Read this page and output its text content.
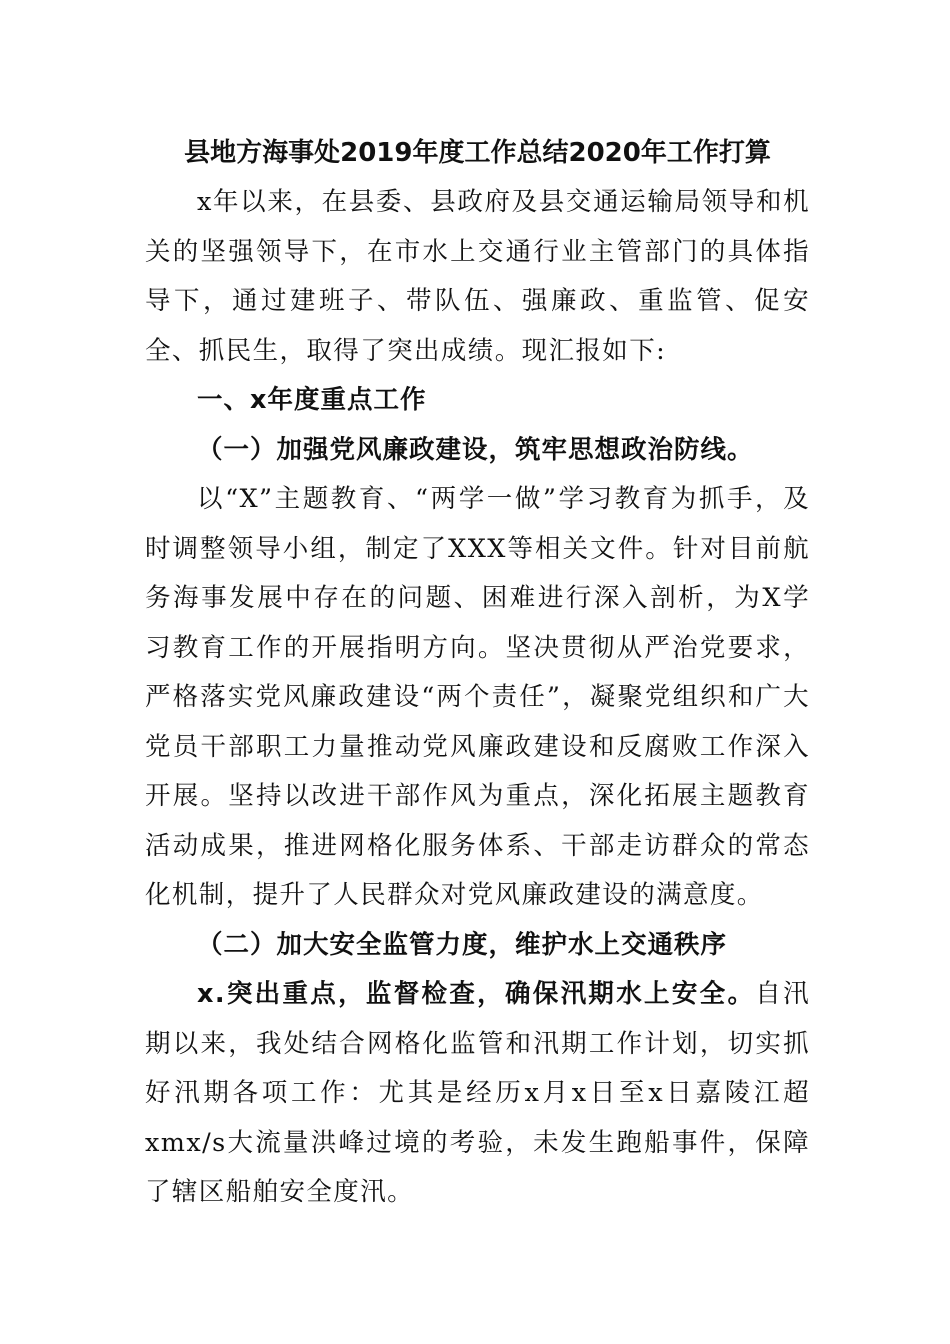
县地方海事处2019年度工作总结2020年工作打算

x年以来，在县委、县政府及县交通运输局领导和机关的坚强领导下，在市水上交通行业主管部门的具体指导下，通过建班子、带队伍、强廉政、重监管、促安全、抓民生，取得了突出成绩。现汇报如下:

一、x年度重点工作

（一）加强党风廉政建设，筑牢思想政治防线。

以“X”主题教育、“两学一做”学习教育为抓手，及时调整领导小组，制定了XXX等相关文件。针对目前航务海事发展中存在的问题、困难进行深入剖析，为X学习教育工作的开展指明方向。坚决贯彻从严治党要求，严格落实党风廉政建设“两个责任”，凝聚党组织和广大党员干部职工力量推动党风廉政建设和反腐败工作深入开展。坚持以改进干部作风为重点，深化拓展主题教育活动成果，推进网格化服务体系、干部走访群众的常态化机制，提升了人民群众对党风廉政建设的满意度。

（二）加大安全监管力度，维护水上交通秩序

x.突出重点，监督检查，确保汛期水上安全。自汛期以来，我处结合网格化监管和汛期工作计划，切实抓好汛期各项工作：尤其是经历x月x日至x日嘉陵江超xmx/s大流量洪峰过境的考验，未发生跑船事件，保障了辖区船舶安全度汛。
